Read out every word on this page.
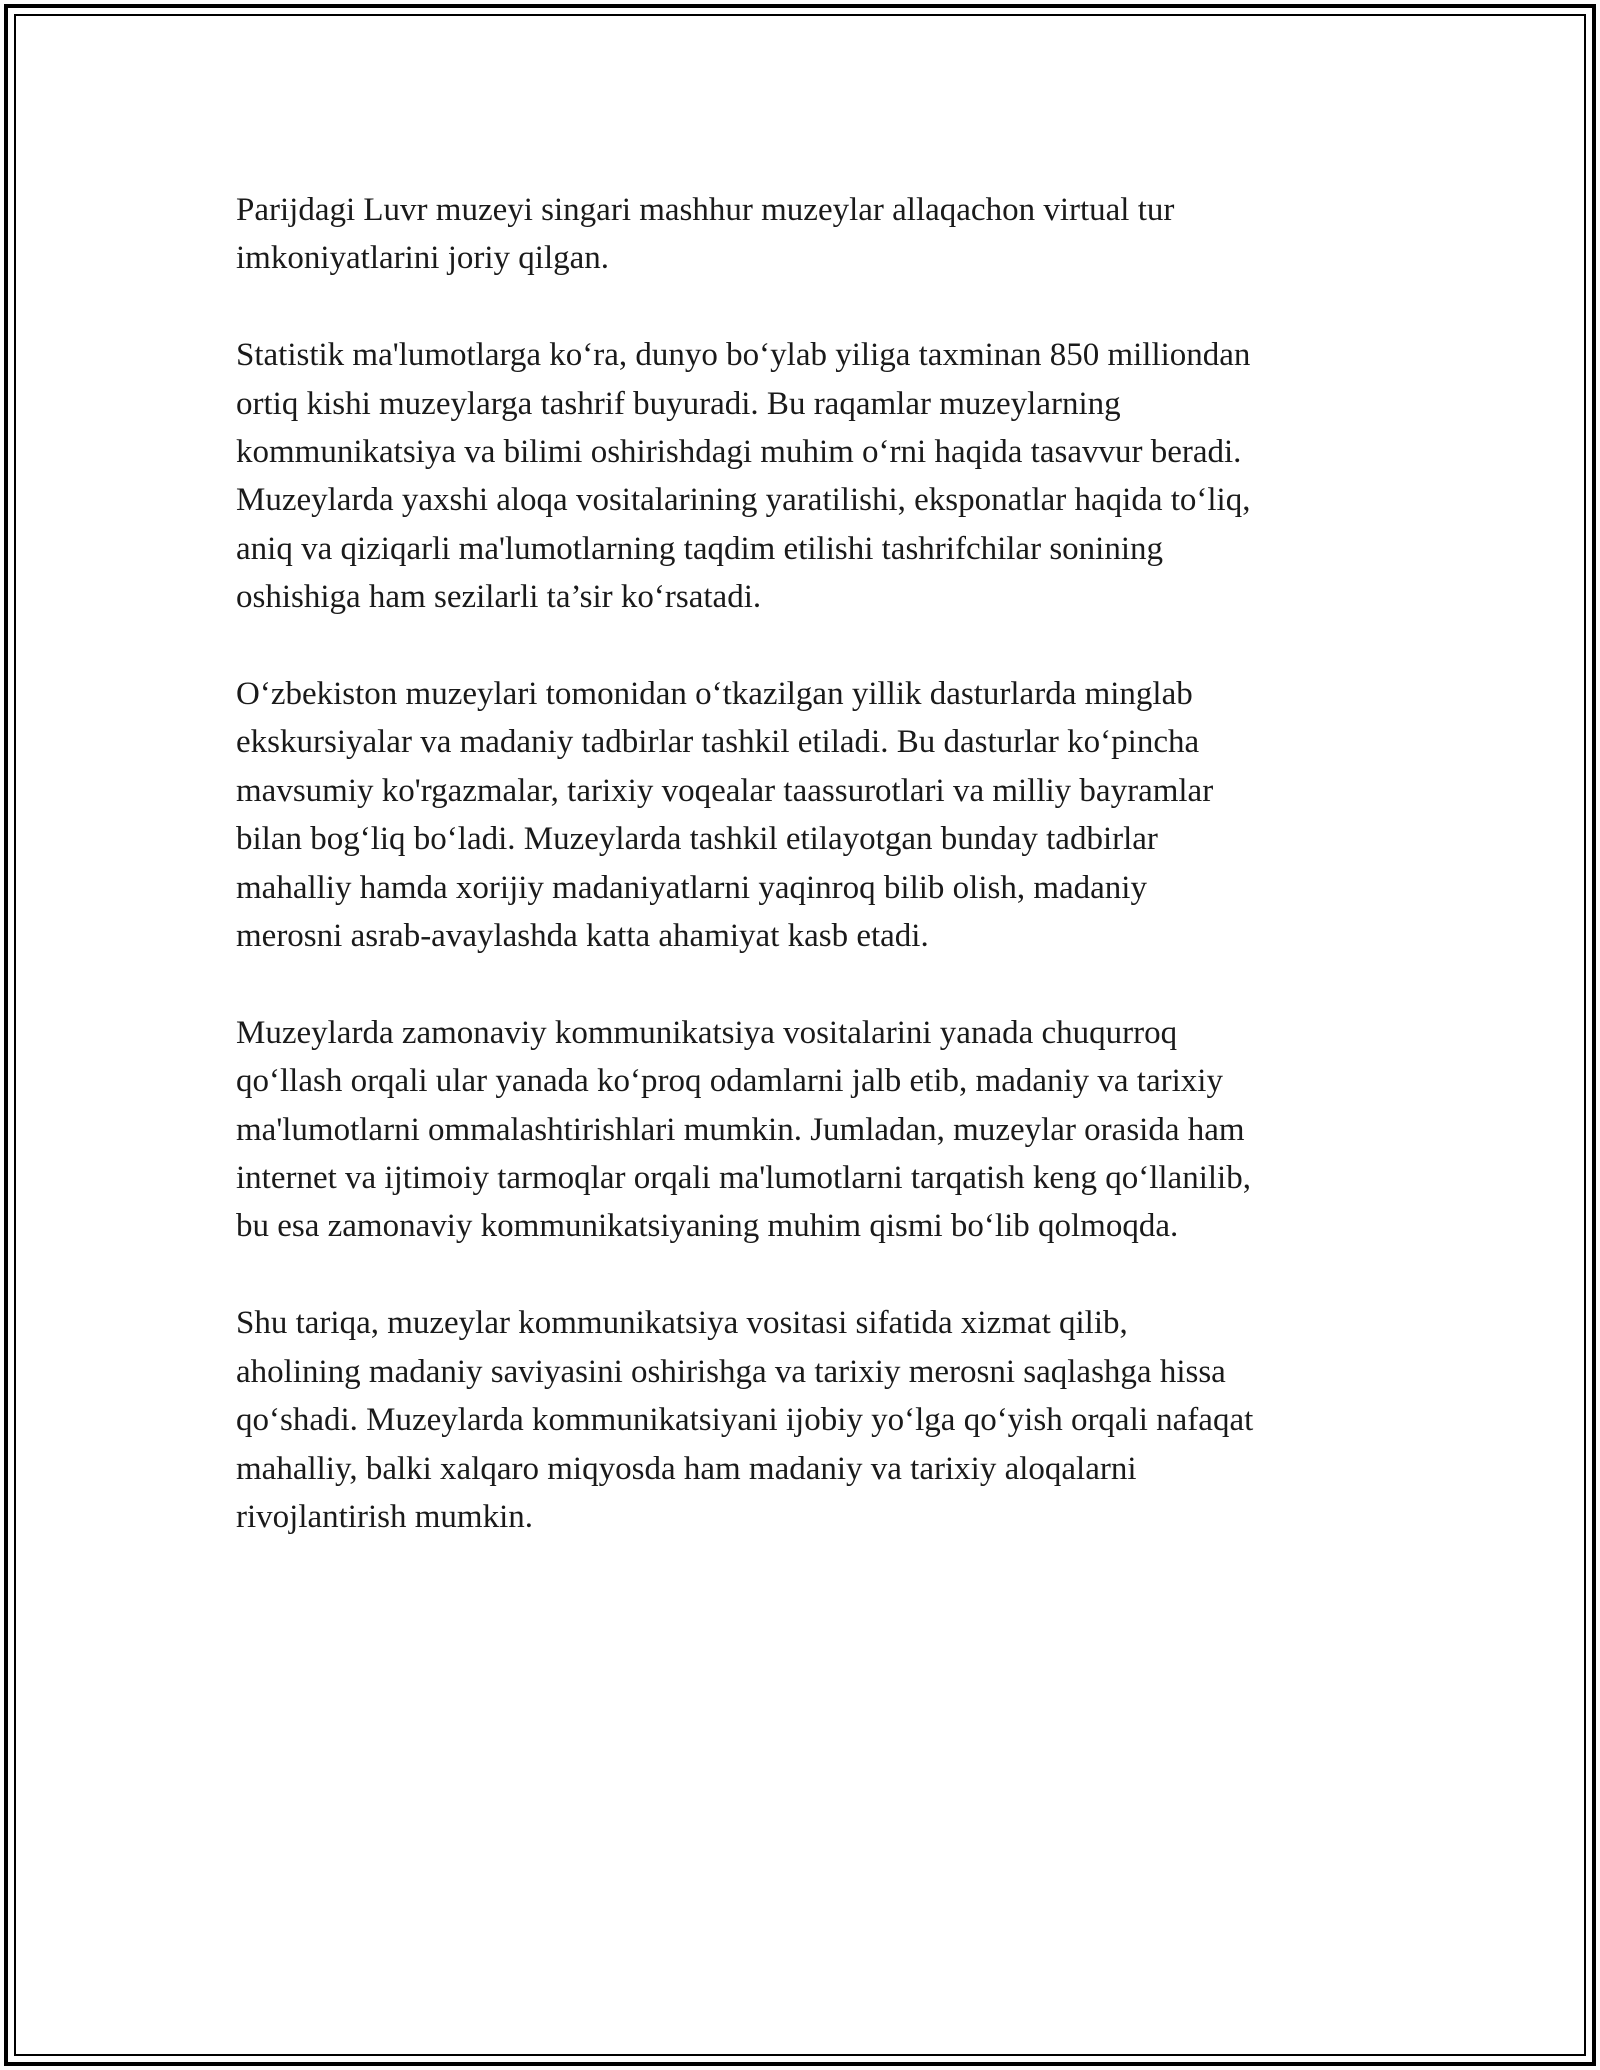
Parijdagi Luvr muzeyi singari mashhur muzeylar allaqachon virtual tur
imkoniyatlarini joriy qilgan.

Statistik ma'lumotlarga ko‘ra, dunyo bo‘ylab yiliga taxminan 850 milliondan
ortiq kishi muzeylarga tashrif buyuradi. Bu raqamlar muzeylarning
kommunikatsiya va bilimi oshirishdagi muhim o‘rni haqida tasavvur beradi.
Muzeylarda yaxshi aloqa vositalarining yaratilishi, eksponatlar haqida to‘liq,
aniq va qiziqarli ma'lumotlarning taqdim etilishi tashrifchilar sonining
oshishiga ham sezilarli ta’sir ko‘rsatadi.

O‘zbekiston muzeylari tomonidan o‘tkazilgan yillik dasturlarda minglab
ekskursiyalar va madaniy tadbirlar tashkil etiladi. Bu dasturlar ko‘pincha
mavsumiy ko'rgazmalar, tarixiy voqealar taassurotlari va milliy bayramlar
bilan bog‘liq bo‘ladi. Muzeylarda tashkil etilayotgan bunday tadbirlar
mahalliy hamda xorijiy madaniyatlarni yaqinroq bilib olish, madaniy
merosni asrab-avaylashda katta ahamiyat kasb etadi.

Muzeylarda zamonaviy kommunikatsiya vositalarini yanada chuqurroq
qo‘llash orqali ular yanada ko‘proq odamlarni jalb etib, madaniy va tarixiy
ma'lumotlarni ommalashtirishlari mumkin. Jumladan, muzeylar orasida ham
internet va ijtimoiy tarmoqlar orqali ma'lumotlarni tarqatish keng qo‘llanilib,
bu esa zamonaviy kommunikatsiyaning muhim qismi bo‘lib qolmoqda.

Shu tariqa, muzeylar kommunikatsiya vositasi sifatida xizmat qilib,
aholining madaniy saviyasini oshirishga va tarixiy merosni saqlashga hissa
qo‘shadi. Muzeylarda kommunikatsiyani ijobiy yo‘lga qo‘yish orqali nafaqat
mahalliy, balki xalqaro miqyosda ham madaniy va tarixiy aloqalarni
rivojlantirish mumkin.
